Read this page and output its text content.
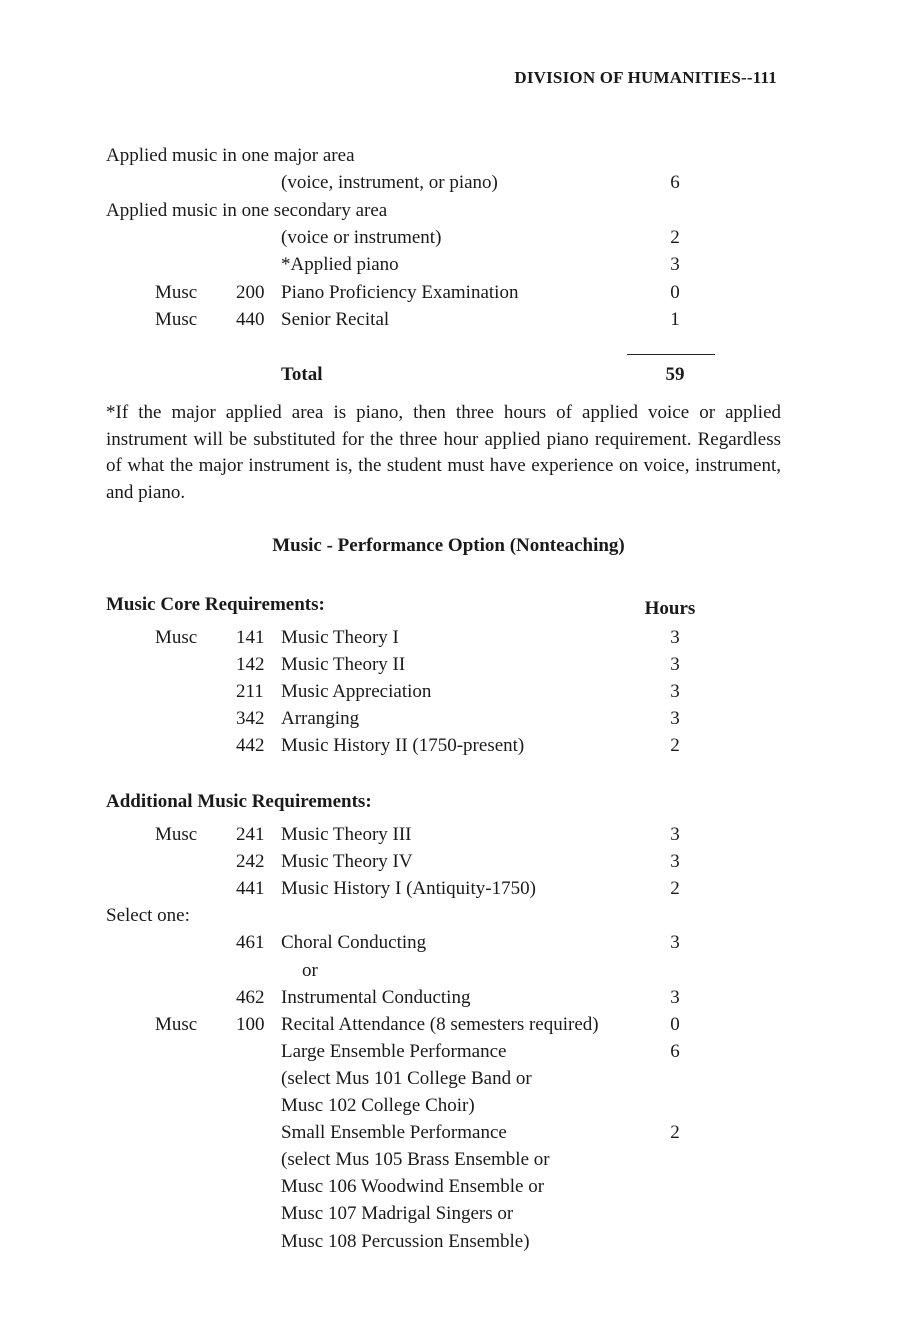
DIVISION OF HUMANITIES--111
Applied music in one major area
(voice, instrument, or piano)	6
Applied music in one secondary area
(voice or instrument)	2
*Applied piano	3
Musc 200 Piano Proficiency Examination	0
Musc 440 Senior Recital	1
Total	59
*If the major applied area is piano, then three hours of applied voice or applied instrument will be substituted for the three hour applied piano requirement. Regardless of what the major instrument is, the student must have experience on voice, instrument, and piano.
Music - Performance Option (Nonteaching)
Music Core Requirements:	Hours
Musc 141 Music Theory I	3
142 Music Theory II	3
211 Music Appreciation	3
342 Arranging	3
442 Music History II (1750-present)	2
Additional Music Requirements:
Musc 241 Music Theory III	3
242 Music Theory IV	3
441 Music History I (Antiquity-1750)	2
Select one:
461 Choral Conducting	3
or
462 Instrumental Conducting	3
Musc 100 Recital Attendance (8 semesters required)	0
Large Ensemble Performance	6
(select Mus 101 College Band or
Musc 102 College Choir)
Small Ensemble Performance	2
(select Mus 105 Brass Ensemble or
Musc 106 Woodwind Ensemble or
Musc 107 Madrigal Singers or
Musc 108 Percussion Ensemble)
